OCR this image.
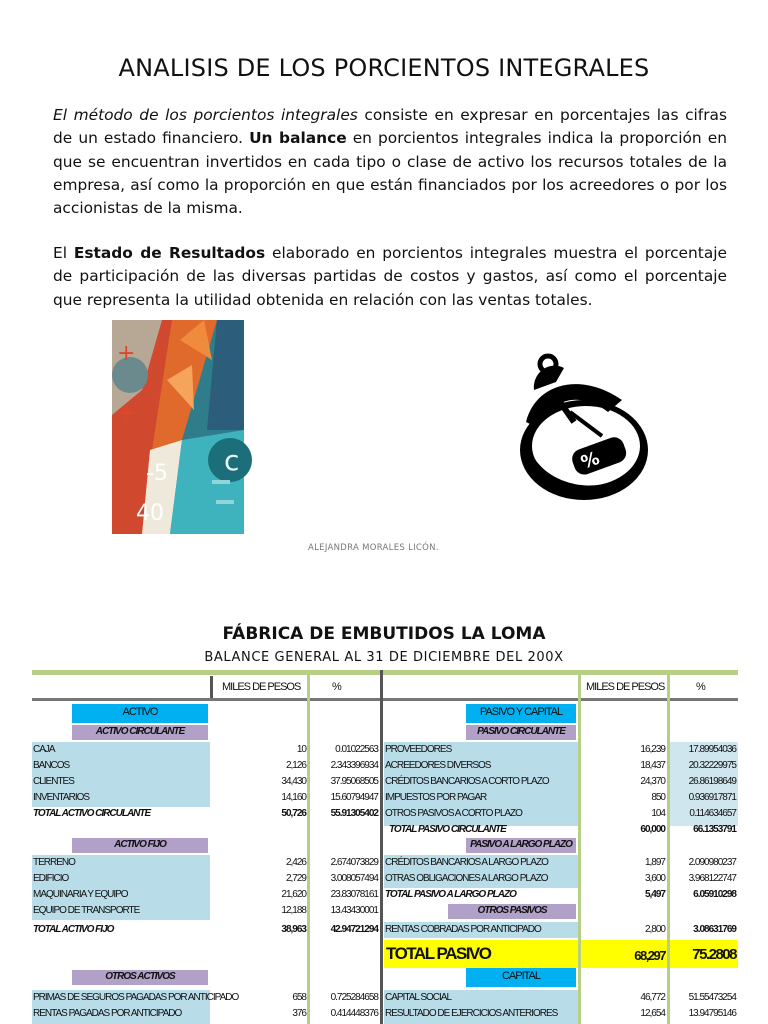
ANALISIS DE LOS PORCIENTOS INTEGRALES
El método de los porcientos integrales consiste en expresar en porcentajes las cifras de un estado financiero. Un balance en porcientos integrales indica la proporción en que se encuentran invertidos en cada tipo o clase de activo los recursos totales de la empresa, así como la proporción en que están financiados por los acreedores o por los accionistas de la misma.
El Estado de Resultados elaborado en porcientos integrales muestra el porcentaje de participación de las diversas partidas de costos y gastos, así como el porcentaje que representa la utilidad obtenida en relación con las ventas totales.
+
+
-5
40
c	%
ALEJANDRA MORALES LICÓN.
FÁBRICA DE EMBUTIDOS LA LOMA
BALANCE GENERAL AL 31 DE DICIEMBRE DEL 200X
MILES DE PESOS	%	MILES DE PESOS	%
ACTIVO
ACTIVO CIRCULANTE
PASIVO Y CAPITAL
PASIVO CIRCULANTE
ACTIVO FIJO	PASIVO A LARGO PLAZO
OTROS PASIVOS
OTROS ACTIVOS	CAPITAL
CAJA	10	0.01022563
BANCOS	2,126	2.343396934
CLIENTES	34,430	37.95068505
INVENTARIOS	14,160	15.60794947
TOTAL ACTIVO CIRCULANTE	50,726	55.91305402
PROVEEDORES	16,239	17.89954036
ACREEDORES DIVERSOS	18,437	20.32229975
CRÉDITOS BANCARIOS A CORTO PLAZO	24,370	26.86198649
IMPUESTOS POR PAGAR	850	0.936917871
OTROS PASIVOS A CORTO PLAZO	104	0.114634657
TOTAL PASIVO CIRCULANTE	60,000	66.1353791
TERRENO	2,426	2.674073829
EDIFICIO	2,729	3.008057494
MAQUINARIA Y EQUIPO	21,620	23.83078161
EQUIPO DE TRANSPORTE	12,188	13.43430001
TOTAL ACTIVO FIJO	38,963	42.94721294
CRÉDITOS BANCARIOS A LARGO PLAZO	1,897	2.090980237
OTRAS OBLIGACIONES A LARGO PLAZO	3,600	3.968122747
TOTAL PASIVO A LARGO PLAZO	5,497	6.05910298
RENTAS COBRADAS POR ANTICIPADO	2,800	3.08631769
TOTAL PASIVO	68,297	75.2808
PRIMAS DE SEGUROS PAGADAS POR ANTICIPADO	658	0.725284658
RENTAS PAGADAS POR ANTICIPADO	376	0.414448376
CAPITAL SOCIAL	46,772	51.55473254
RESULTADO DE EJERCICIOS ANTERIORES	12,654	13.94795146
